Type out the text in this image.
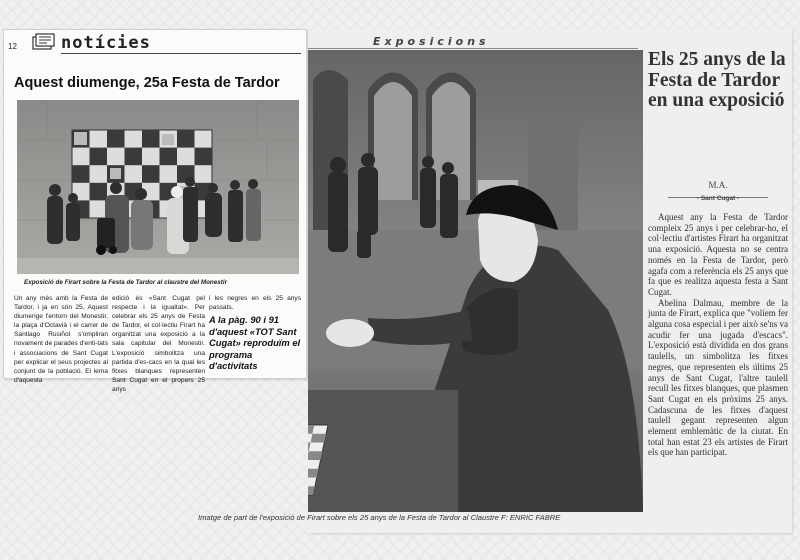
12	notícies
Aquest diumenge, 25a Festa de Tardor
Exposició de Firart sobre la Festa de Tardor al claustre del Monestir
Un any més amb la Festa de Tardor, i ja en són 25. Aquest diumenge l'entorn del Monestir, la plaça d'Octavià i el carrer de Santiago Rusiñol s'ompliran novament de parades d'enti-tats i associacions de Sant Cugat per explicar el seus projectes al conjunt de la població. El lema d'aquesta
edició és «Sant Cugat pel respecte i la igualtat». Per celebrar els 25 anys de Festa de Tardor, el col·lectiu Firart ha organitzat una exposició a la sala capitular del Monestir. L'exposició simbolitza una partida d'es-cacs en la qual les fitxes blanques representen Sant Cugat en el propers 25 anys
i les negres en els 25 anys passats.
A la pàg. 90 i 91 d'aquest «TOT Sant Cugat» reproduïm el programa d'activitats
Exposicions
Imatge de part de l'exposició de Firart sobre els 25 anys de la Festa de Tardor al Claustre F: ENRIC FABRE
Els 25 anys de la Festa de Tardor en una exposició
M.A.
- Sant Cugat -

Aquest any la Festa de Tardor compleix 25 anys i per celebrar-ho, el col·lectiu d'artistes Firart ha organitzat una exposició. Aquesta no se centra només en la Festa de Tardor, però agafa com a referència els 25 anys que fa que es realitza aquesta festa a Sant Cugat.

Abelina Dalmau, membre de la junta de Firart, explica que "volíem fer alguna cosa especial i per això se'ns va acudir fer una jugada d'escacs". L'exposició està dividida en dos grans taulells, un simbolitza les fitxes negres, que representen els últims 25 anys de Sant Cugat, l'altre taulell recull les fitxes blanques, que plasmen Sant Cugat en els pròxims 25 anys. Cadascuna de les fitxes d'aquest taulell gegant representen algun element emblemàtic de la ciutat. En total han estat 23 els artistes de Firart els que han participat.
